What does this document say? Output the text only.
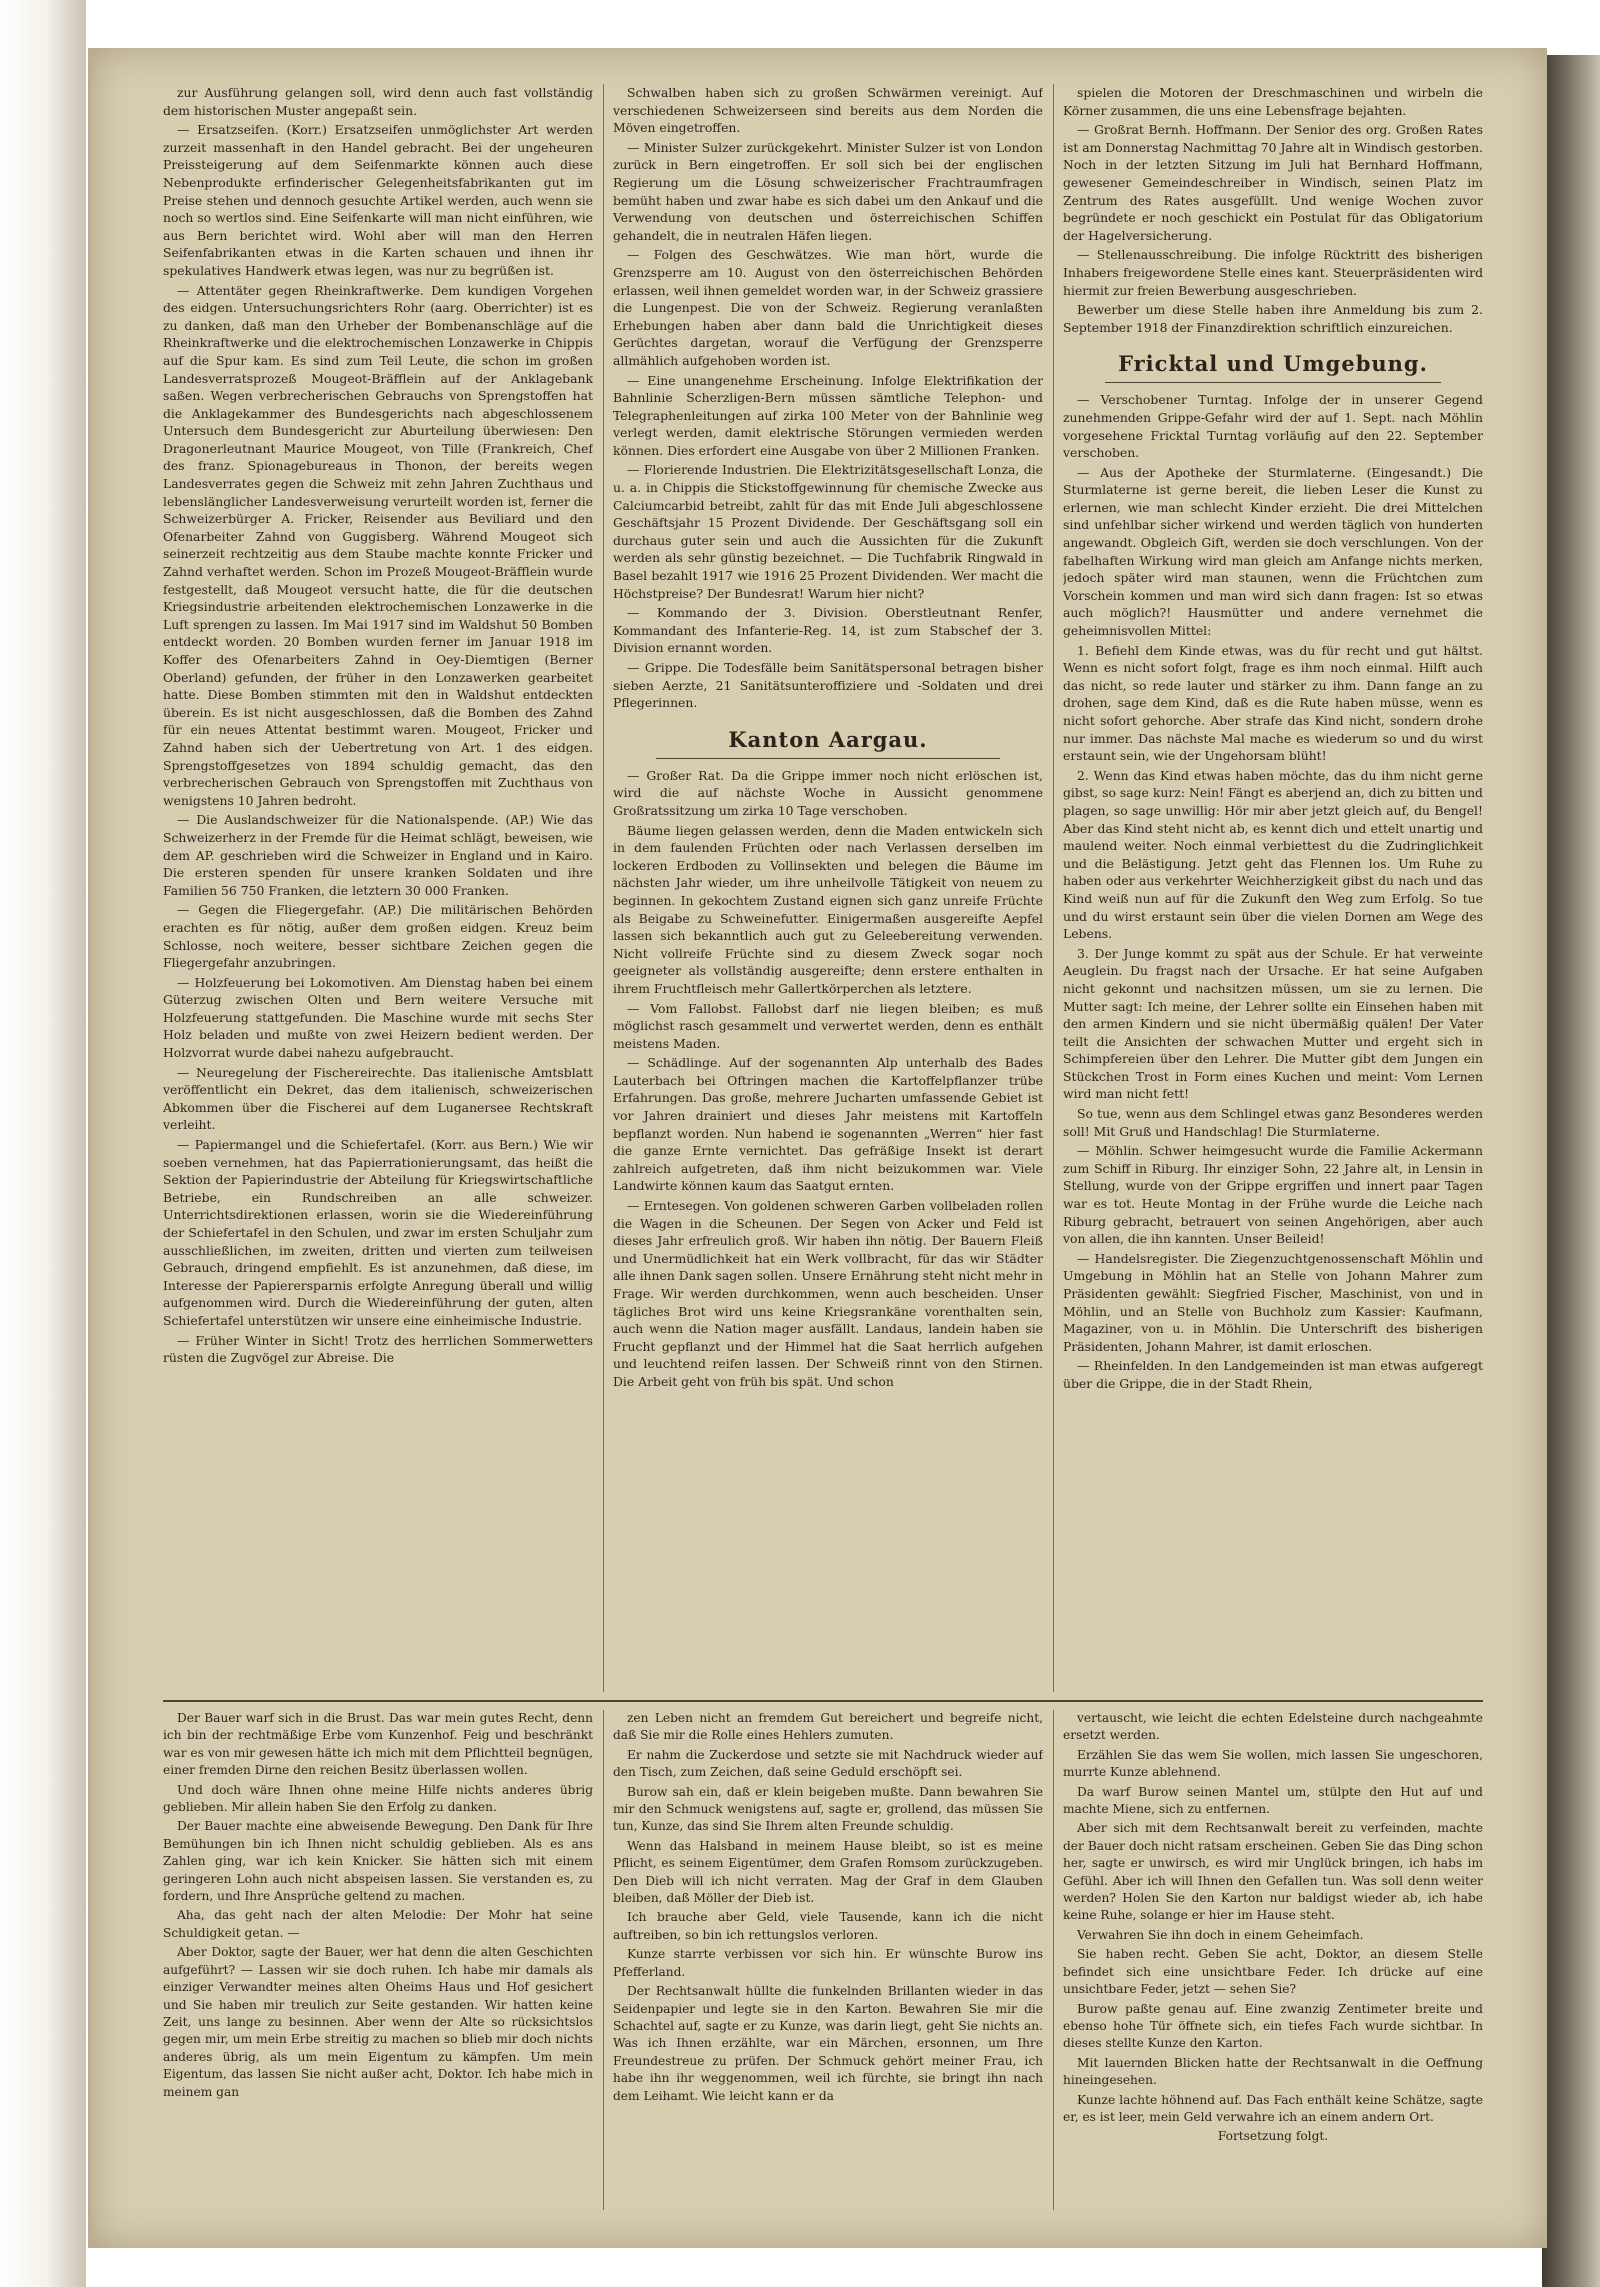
zur Ausführung gelangen soll, wird denn auch fast vollständig dem historischen Muster angepaßt sein.

— Ersatzseifen. (Korr.) Ersatzseifen unmöglichster Art werden zurzeit massenhaft in den Handel gebracht. Bei der ungeheuren Preissteigerung auf dem Seifenmarkte können auch diese Nebenprodukte erfinderischer Gelegenheitsfabrikanten gut im Preise stehen und dennoch gesuchte Artikel werden, auch wenn sie noch so wertlos sind. Eine Seifenkarte will man nicht einführen, wie aus Bern berichtet wird. Wohl aber will man den Herren Seifenfabrikanten etwas in die Karten schauen und ihnen ihr spekulatives Handwerk etwas legen, was nur zu begrüßen ist.

— Attentäter gegen Rheinkraftwerke. Dem kundigen Vorgehen des eidgen. Untersuchungsrichters Rohr (aarg. Oberrichter) ist es zu danken, daß man den Urheber der Bombenanschläge auf die Rheinkraftwerke und die elektrochemischen Lonzawerke in Chippis auf die Spur kam. Es sind zum Teil Leute, die schon im großen Landesverratsprozeß Mougeot-Bräfflein auf der Anklagebank saßen. Wegen verbrecherischen Gebrauchs von Sprengstoffen hat die Anklagekammer des Bundesgerichts nach abgeschlossenem Untersuch dem Bundesgericht zur Aburteilung überwiesen: Den Dragonerleutnant Maurice Mougeot, von Tille (Frankreich, Chef des franz. Spionagebureaus in Thonon, der bereits wegen Landesverrates gegen die Schweiz mit zehn Jahren Zuchthaus und lebenslänglicher Landesverweisung verurteilt worden ist, ferner die Schweizerbürger A. Fricker, Reisender aus Beviliard und den Ofenarbeiter Zahnd von Guggisberg. Während Mougeot sich seinerzeit rechtzeitig aus dem Staube machte konnte Fricker und Zahnd verhaftet werden. Schon im Prozeß Mougeot-Bräfflein wurde festgestellt, daß Mougeot versucht hatte, die für die deutschen Kriegsindustrie arbeitenden elektrochemischen Lonzawerke in die Luft sprengen zu lassen. Im Mai 1917 sind im Waldshut 50 Bomben entdeckt worden. 20 Bomben wurden ferner im Januar 1918 im Koffer des Ofenarbeiters Zahnd in Oey-Diemtigen (Berner Oberland) gefunden, der früher in den Lonzawerken gearbeitet hatte. Diese Bomben stimmten mit den in Waldshut entdeckten überein. Es ist nicht ausgeschlossen, daß die Bomben des Zahnd für ein neues Attentat bestimmt waren. Mougeot, Fricker und Zahnd haben sich der Uebertretung von Art. 1 des eidgen. Sprengstoffgesetzes von 1894 schuldig gemacht, das den verbrecherischen Gebrauch von Sprengstoffen mit Zuchthaus von wenigstens 10 Jahren bedroht.

— Die Auslandschweizer für die Nationalspende. (AP.) Wie das Schweizerherz in der Fremde für die Heimat schlägt, beweisen, wie dem AP. geschrieben wird die Schweizer in England und in Kairo. Die ersteren spenden für unsere kranken Soldaten und ihre Familien 56 750 Franken, die letztern 30 000 Franken.

— Gegen die Fliegergefahr. (AP.) Die militärischen Behörden erachten es für nötig, außer dem großen eidgen. Kreuz beim Schlosse, noch weitere, besser sichtbare Zeichen gegen die Fliegergefahr anzubringen.

— Holzfeuerung bei Lokomotiven. Am Dienstag haben bei einem Güterzug zwischen Olten und Bern weitere Versuche mit Holzfeuerung stattgefunden. Die Maschine wurde mit sechs Ster Holz beladen und mußte von zwei Heizern bedient werden. Der Holzvorrat wurde dabei nahezu aufgebraucht.

— Neuregelung der Fischereirechte. Das italienische Amtsblatt veröffentlicht ein Dekret, das dem italienisch, schweizerischen Abkommen über die Fischerei auf dem Luganersee Rechtskraft verleiht.

— Papiermangel und die Schiefertafel. (Korr. aus Bern.) Wie wir soeben vernehmen, hat das Papierrationierungsamt, das heißt die Sektion der Papierindustrie der Abteilung für Kriegswirtschaftliche Betriebe, ein Rundschreiben an alle schweizer. Unterrichtsdirektionen erlassen, worin sie die Wiedereinführung der Schiefertafel in den Schulen, und zwar im ersten Schuljahr zum ausschließlichen, im zweiten, dritten und vierten zum teilweisen Gebrauch, dringend empfiehlt. Es ist anzunehmen, daß diese, im Interesse der Papierersparnis erfolgte Anregung überall und willig aufgenommen wird. Durch die Wiedereinführung der guten, alten Schiefertafel unterstützen wir unsere eine einheimische Industrie.

— Früher Winter in Sicht! Trotz des herrlichen Sommerwetters rüsten die Zugvögel zur Abreise. Die

Schwalben haben sich zu großen Schwärmen vereinigt. Auf verschiedenen Schweizerseen sind bereits aus dem Norden die Möven eingetroffen.

— Minister Sulzer zurückgekehrt. Minister Sulzer ist von London zurück in Bern eingetroffen. Er soll sich bei der englischen Regierung um die Lösung schweizerischer Frachtraumfragen bemüht haben und zwar habe es sich dabei um den Ankauf und die Verwendung von deutschen und österreichischen Schiffen gehandelt, die in neutralen Häfen liegen.

— Folgen des Geschwätzes. Wie man hört, wurde die Grenzsperre am 10. August von den österreichischen Behörden erlassen, weil ihnen gemeldet worden war, in der Schweiz grassiere die Lungenpest. Die von der Schweiz. Regierung veranlaßten Erhebungen haben aber dann bald die Unrichtigkeit dieses Gerüchtes dargetan, worauf die Verfügung der Grenzsperre allmählich aufgehoben worden ist.

— Eine unangenehme Erscheinung. Infolge Elektrifikation der Bahnlinie Scherzligen-Bern müssen sämtliche Telephon- und Telegraphenleitungen auf zirka 100 Meter von der Bahnlinie weg verlegt werden, damit elektrische Störungen vermieden werden können. Dies erfordert eine Ausgabe von über 2 Millionen Franken.

— Florierende Industrien. Die Elektrizitätsgesellschaft Lonza, die u. a. in Chippis die Stickstoffgewinnung für chemische Zwecke aus Calciumcarbid betreibt, zahlt für das mit Ende Juli abgeschlossene Geschäftsjahr 15 Prozent Dividende. Der Geschäftsgang soll ein durchaus guter sein und auch die Aussichten für die Zukunft werden als sehr günstig bezeichnet. — Die Tuchfabrik Ringwald in Basel bezahlt 1917 wie 1916 25 Prozent Dividenden. Wer macht die Höchstpreise? Der Bundesrat! Warum hier nicht?

— Kommando der 3. Division. Oberstleutnant Renfer, Kommandant des Infanterie-Reg. 14, ist zum Stabschef der 3. Division ernannt worden.

— Grippe. Die Todesfälle beim Sanitätspersonal betragen bisher sieben Aerzte, 21 Sanitätsunteroffiziere und -Soldaten und drei Pflegerinnen.

Kanton Aargau.

— Großer Rat. Da die Grippe immer noch nicht erlöschen ist, wird die auf nächste Woche in Aussicht genommene Großratssitzung um zirka 10 Tage verschoben.

Bäume liegen gelassen werden, denn die Maden entwickeln sich in dem faulenden Früchten oder nach Verlassen derselben im lockeren Erdboden zu Vollinsekten und belegen die Bäume im nächsten Jahr wieder, um ihre unheilvolle Tätigkeit von neuem zu beginnen. In gekochtem Zustand eignen sich ganz unreife Früchte als Beigabe zu Schweinefutter. Einigermaßen ausgereifte Aepfel lassen sich bekanntlich auch gut zu Geleebereitung verwenden. Nicht vollreife Früchte sind zu diesem Zweck sogar noch geeigneter als vollständig ausgereifte; denn erstere enthalten in ihrem Fruchtfleisch mehr Gallertkörperchen als letztere.

— Vom Fallobst. Fallobst darf nie liegen bleiben; es muß möglichst rasch gesammelt und verwertet werden, denn es enthält meistens Maden.

— Schädlinge. Auf der sogenannten Alp unterhalb des Bades Lauterbach bei Oftringen machen die Kartoffelpflanzer trübe Erfahrungen. Das große, mehrere Jucharten umfassende Gebiet ist vor Jahren drainiert und dieses Jahr meistens mit Kartoffeln bepflanzt worden. Nun habend ie sogenannten „Werren“ hier fast die ganze Ernte vernichtet. Das gefräßige Insekt ist derart zahlreich aufgetreten, daß ihm nicht beizukommen war. Viele Landwirte können kaum das Saatgut ernten.

— Erntesegen. Von goldenen schweren Garben vollbeladen rollen die Wagen in die Scheunen. Der Segen von Acker und Feld ist dieses Jahr erfreulich groß. Wir haben ihn nötig. Der Bauern Fleiß und Unermüdlichkeit hat ein Werk vollbracht, für das wir Städter alle ihnen Dank sagen sollen. Unsere Ernährung steht nicht mehr in Frage. Wir werden durchkommen, wenn auch bescheiden. Unser tägliches Brot wird uns keine Kriegsrankäne vorenthalten sein, auch wenn die Nation mager ausfällt. Landaus, landein haben sie Frucht gepflanzt und der Himmel hat die Saat herrlich aufgehen und leuchtend reifen lassen. Der Schweiß rinnt von den Stirnen. Die Arbeit geht von früh bis spät. Und schon

spielen die Motoren der Dreschmaschinen und wirbeln die Körner zusammen, die uns eine Lebensfrage bejahten.

— Großrat Bernh. Hoffmann. Der Senior des org. Großen Rates ist am Donnerstag Nachmittag 70 Jahre alt in Windisch gestorben. Noch in der letzten Sitzung im Juli hat Bernhard Hoffmann, gewesener Gemeindeschreiber in Windisch, seinen Platz im Zentrum des Rates ausgefüllt. Und wenige Wochen zuvor begründete er noch geschickt ein Postulat für das Obligatorium der Hagelversicherung.

— Stellenausschreibung. Die infolge Rücktritt des bisherigen Inhabers freigewordene Stelle eines kant. Steuerpräsidenten wird hiermit zur freien Bewerbung ausgeschrieben.

Bewerber um diese Stelle haben ihre Anmeldung bis zum 2. September 1918 der Finanzdirektion schriftlich einzureichen.

Fricktal und Umgebung.

— Verschobener Turntag. Infolge der in unserer Gegend zunehmenden Grippe-Gefahr wird der auf 1. Sept. nach Möhlin vorgesehene Fricktal Turntag vorläufig auf den 22. September verschoben.

— Aus der Apotheke der Sturmlaterne. (Eingesandt.) Die Sturmlaterne ist gerne bereit, die lieben Leser die Kunst zu erlernen, wie man schlecht Kinder erzieht. Die drei Mittelchen sind unfehlbar sicher wirkend und werden täglich von hunderten angewandt. Obgleich Gift, werden sie doch verschlungen. Von der fabelhaften Wirkung wird man gleich am Anfange nichts merken, jedoch später wird man staunen, wenn die Früchtchen zum Vorschein kommen und man wird sich dann fragen: Ist so etwas auch möglich?! Hausmütter und andere vernehmet die geheimnisvollen Mittel:

1. Befiehl dem Kinde etwas, was du für recht und gut hältst. Wenn es nicht sofort folgt, frage es ihm noch einmal. Hilft auch das nicht, so rede lauter und stärker zu ihm. Dann fange an zu drohen, sage dem Kind, daß es die Rute haben müsse, wenn es nicht sofort gehorche. Aber strafe das Kind nicht, sondern drohe nur immer. Das nächste Mal mache es wiederum so und du wirst erstaunt sein, wie der Ungehorsam blüht!

2. Wenn das Kind etwas haben möchte, das du ihm nicht gerne gibst, so sage kurz: Nein! Fängt es aberjend an, dich zu bitten und plagen, so sage unwillig: Hör mir aber jetzt gleich auf, du Bengel! Aber das Kind steht nicht ab, es kennt dich und ettelt unartig und maulend weiter. Noch einmal verbiettest du die Zudringlichkeit und die Belästigung. Jetzt geht das Flennen los. Um Ruhe zu haben oder aus verkehrter Weichherzigkeit gibst du nach und das Kind weiß nun auf für die Zukunft den Weg zum Erfolg. So tue und du wirst erstaunt sein über die vielen Dornen am Wege des Lebens.

3. Der Junge kommt zu spät aus der Schule. Er hat verweinte Aeuglein. Du fragst nach der Ursache. Er hat seine Aufgaben nicht gekonnt und nachsitzen müssen, um sie zu lernen. Die Mutter sagt: Ich meine, der Lehrer sollte ein Einsehen haben mit den armen Kindern und sie nicht übermäßig quälen! Der Vater teilt die Ansichten der schwachen Mutter und ergeht sich in Schimpfereien über den Lehrer. Die Mutter gibt dem Jungen ein Stückchen Trost in Form eines Kuchen und meint: Vom Lernen wird man nicht fett!

So tue, wenn aus dem Schlingel etwas ganz Besonderes werden soll! Mit Gruß und Handschlag! Die Sturmlaterne.

— Möhlin. Schwer heimgesucht wurde die Familie Ackermann zum Schiff in Riburg. Ihr einziger Sohn, 22 Jahre alt, in Lensin in Stellung, wurde von der Grippe ergriffen und innert paar Tagen war es tot. Heute Montag in der Frühe wurde die Leiche nach Riburg gebracht, betrauert von seinen Angehörigen, aber auch von allen, die ihn kannten. Unser Beileid!

— Handelsregister. Die Ziegenzuchtgenossenschaft Möhlin und Umgebung in Möhlin hat an Stelle von Johann Mahrer zum Präsidenten gewählt: Siegfried Fischer, Maschinist, von und in Möhlin, und an Stelle von Buchholz zum Kassier: Kaufmann, Magaziner, von u. in Möhlin. Die Unterschrift des bisherigen Präsidenten, Johann Mahrer, ist damit erloschen.

— Rheinfelden. In den Landgemeinden ist man etwas aufgeregt über die Grippe, die in der Stadt Rhein,

Der Bauer warf sich in die Brust. Das war mein gutes Recht, denn ich bin der rechtmäßige Erbe vom Kunzenhof. Feig und beschränkt war es von mir gewesen hätte ich mich mit dem Pflichtteil begnügen, einer fremden Dirne den reichen Besitz überlassen wollen.

Und doch wäre Ihnen ohne meine Hilfe nichts anderes übrig geblieben. Mir allein haben Sie den Erfolg zu danken.

Der Bauer machte eine abweisende Bewegung. Den Dank für Ihre Bemühungen bin ich Ihnen nicht schuldig geblieben. Als es ans Zahlen ging, war ich kein Knicker. Sie hätten sich mit einem geringeren Lohn auch nicht abspeisen lassen. Sie verstanden es, zu fordern, und Ihre Ansprüche geltend zu machen.

Aha, das geht nach der alten Melodie: Der Mohr hat seine Schuldigkeit getan. —

Aber Doktor, sagte der Bauer, wer hat denn die alten Geschichten aufgeführt? — Lassen wir sie doch ruhen. Ich habe mir damals als einziger Verwandter meines alten Oheims Haus und Hof gesichert und Sie haben mir treulich zur Seite gestanden. Wir hatten keine Zeit, uns lange zu besinnen. Aber wenn der Alte so rücksichtslos gegen mir, um mein Erbe streitig zu machen so blieb mir doch nichts anderes übrig, als um mein Eigentum zu kämpfen. Um mein Eigentum, das lassen Sie nicht außer acht, Doktor. Ich habe mich in meinem gan

zen Leben nicht an fremdem Gut bereichert und begreife nicht, daß Sie mir die Rolle eines Hehlers zumuten.

Er nahm die Zuckerdose und setzte sie mit Nachdruck wieder auf den Tisch, zum Zeichen, daß seine Geduld erschöpft sei.

Burow sah ein, daß er klein beigeben mußte. Dann bewahren Sie mir den Schmuck wenigstens auf, sagte er, grollend, das müssen Sie tun, Kunze, das sind Sie Ihrem alten Freunde schuldig.

Wenn das Halsband in meinem Hause bleibt, so ist es meine Pflicht, es seinem Eigentümer, dem Grafen Romsom zurückzugeben. Den Dieb will ich nicht verraten. Mag der Graf in dem Glauben bleiben, daß Möller der Dieb ist.

Ich brauche aber Geld, viele Tausende, kann ich die nicht auftreiben, so bin ich rettungslos verloren.

Kunze starrte verbissen vor sich hin. Er wünschte Burow ins Pfefferland.

Der Rechtsanwalt hüllte die funkelnden Brillanten wieder in das Seidenpapier und legte sie in den Karton. Bewahren Sie mir die Schachtel auf, sagte er zu Kunze, was darin liegt, geht Sie nichts an. Was ich Ihnen erzählte, war ein Märchen, ersonnen, um Ihre Freundestreue zu prüfen. Der Schmuck gehört meiner Frau, ich habe ihn ihr weggenommen, weil ich fürchte, sie bringt ihn nach dem Leihamt. Wie leicht kann er da

vertauscht, wie leicht die echten Edelsteine durch nachgeahmte ersetzt werden.

Erzählen Sie das wem Sie wollen, mich lassen Sie ungeschoren, murrte Kunze ablehnend.

Da warf Burow seinen Mantel um, stülpte den Hut auf und machte Miene, sich zu entfernen.

Aber sich mit dem Rechtsanwalt bereit zu verfeinden, machte der Bauer doch nicht ratsam erscheinen. Geben Sie das Ding schon her, sagte er unwirsch, es wird mir Unglück bringen, ich habs im Gefühl. Aber ich will Ihnen den Gefallen tun. Was soll denn weiter werden? Holen Sie den Karton nur baldigst wieder ab, ich habe keine Ruhe, solange er hier im Hause steht.

Verwahren Sie ihn doch in einem Geheimfach.

Sie haben recht. Geben Sie acht, Doktor, an diesem Stelle befindet sich eine unsichtbare Feder. Ich drücke auf eine unsichtbare Feder, jetzt — sehen Sie?

Burow paßte genau auf. Eine zwanzig Zentimeter breite und ebenso hohe Tür öffnete sich, ein tiefes Fach wurde sichtbar. In dieses stellte Kunze den Karton.

Mit lauernden Blicken hatte der Rechtsanwalt in die Oeffnung hineingesehen.

Kunze lachte höhnend auf. Das Fach enthält keine Schätze, sagte er, es ist leer, mein Geld verwahre ich an einem andern Ort.

Fortsetzung folgt.
